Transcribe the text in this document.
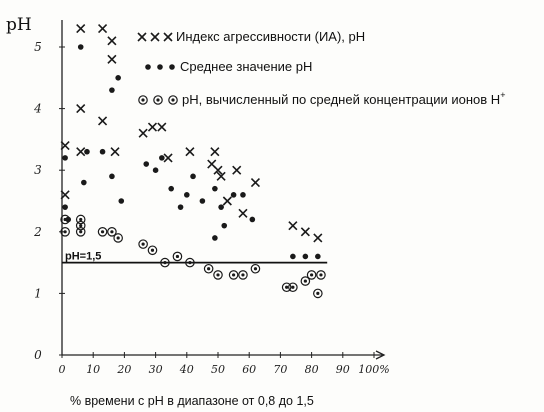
pH
0 10 20 30 40 50 60 70 80 90 100%
0
1
2
3
4
5
pH=1,5
Индекс агрессивности (ИА), рН
Среднее значение рН
рН, вычисленный по средней концентрации ионов Н+
% времени с pH в диапазоне от 0,8 до 1,5
